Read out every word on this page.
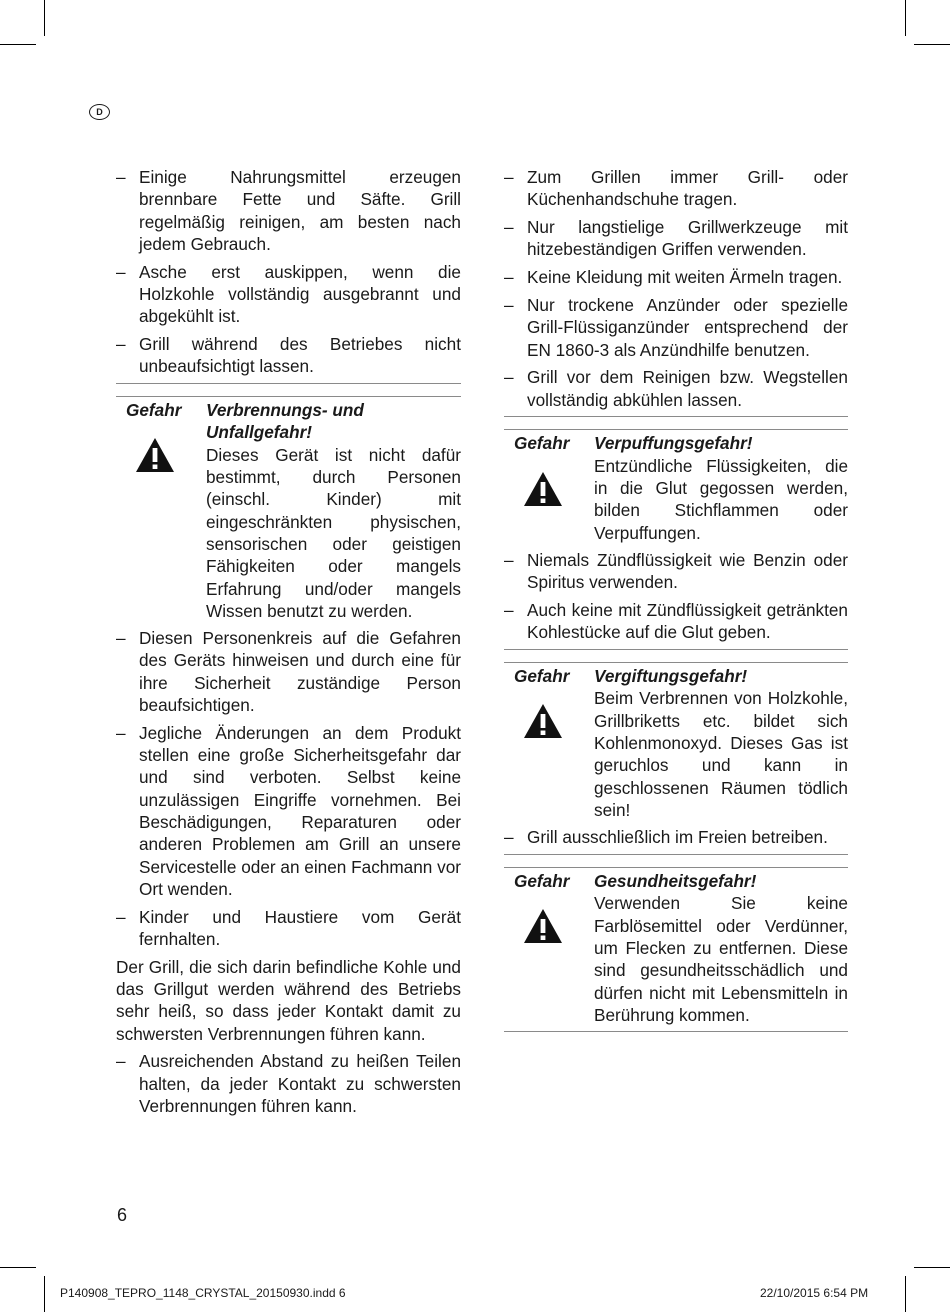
D
– Einige Nahrungsmittel erzeugen brennbare Fette und Säfte. Grill regelmäßig reinigen, am besten nach jedem Gebrauch.
– Asche erst auskippen, wenn die Holzkohle vollständig ausgebrannt und abgekühlt ist.
– Grill während des Betriebes nicht unbeaufsichtigt lassen.
Gefahr	Verbrennungs- und Unfallgefahr!
Dieses Gerät ist nicht dafür bestimmt, durch Personen (einschl. Kinder) mit eingeschränkten physischen, sensorischen oder geistigen Fähigkeiten oder mangels Erfahrung und/oder mangels Wissen benutzt zu werden.
– Diesen Personenkreis auf die Gefahren des Geräts hinweisen und durch eine für ihre Sicherheit zuständige Person beaufsichtigen.
– Jegliche Änderungen an dem Produkt stellen eine große Sicherheitsgefahr dar und sind verboten. Selbst keine unzulässigen Eingriffe vornehmen. Bei Beschädigungen, Reparaturen oder anderen Problemen am Grill an unsere Servicestelle oder an einen Fachmann vor Ort wenden.
– Kinder und Haustiere vom Gerät fernhalten.
Der Grill, die sich darin befindliche Kohle und das Grillgut werden während des Betriebs sehr heiß, so dass jeder Kontakt damit zu schwersten Verbrennungen führen kann.
– Ausreichenden Abstand zu heißen Teilen halten, da jeder Kontakt zu schwersten Verbrennungen führen kann.
– Zum Grillen immer Grill- oder Küchenhandschuhe tragen.
– Nur langstielige Grillwerkzeuge mit hitzebeständigen Griffen verwenden.
– Keine Kleidung mit weiten Ärmeln tragen.
– Nur trockene Anzünder oder spezielle Grill-Flüssiganzünder entsprechend der EN 1860-3 als Anzündhilfe benutzen.
– Grill vor dem Reinigen bzw. Wegstellen vollständig abkühlen lassen.
Gefahr	Verpuffungsgefahr!
Entzündliche Flüssigkeiten, die in die Glut gegossen werden, bilden Stichflammen oder Verpuffungen.
– Niemals Zündflüssigkeit wie Benzin oder Spiritus verwenden.
– Auch keine mit Zündflüssigkeit getränkten Kohlestücke auf die Glut geben.
Gefahr	Vergiftungsgefahr!
Beim Verbrennen von Holzkohle, Grillbriketts etc. bildet sich Kohlenmonoxyd. Dieses Gas ist geruchlos und kann in geschlossenen Räumen tödlich sein!
– Grill ausschließlich im Freien betreiben.
Gefahr	Gesundheitsgefahr!
Verwenden Sie keine Farblösemittel oder Verdünner, um Flecken zu entfernen. Diese sind gesundheitsschädlich und dürfen nicht mit Lebensmitteln in Berührung kommen.
6
P140908_TEPRO_1148_CRYSTAL_20150930.indd 6	22/10/2015 6:54 PM
